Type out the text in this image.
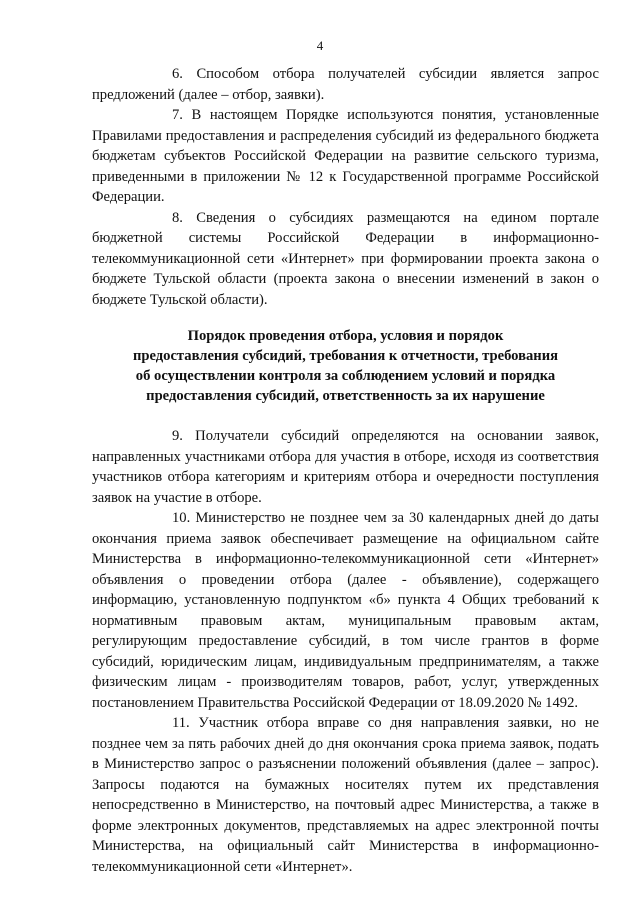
4

6. Способом отбора получателей субсидии является запрос предложений (далее – отбор, заявки).

7. В настоящем Порядке используются понятия, установленные Правилами предоставления и распределения субсидий из федерального бюджета бюджетам субъектов Российской Федерации на развитие сельского туризма, приведенными в приложении № 12 к Государственной программе Российской Федерации.

8. Сведения о субсидиях размещаются на едином портале бюджетной системы Российской Федерации в информационно-телекоммуникационной сети «Интернет» при формировании проекта закона о бюджете Тульской области (проекта закона о внесении изменений в закон о бюджете Тульской области).

Порядок проведения отбора, условия и порядок
предоставления субсидий, требования к отчетности, требования
об осуществлении контроля за соблюдением условий и порядка
предоставления субсидий, ответственность за их нарушение

9. Получатели субсидий определяются на основании заявок, направленных участниками отбора для участия в отборе, исходя из соответствия участников отбора категориям и критериям отбора и очередности поступления заявок на участие в отборе.

10. Министерство не позднее чем за 30 календарных дней до даты окончания приема заявок обеспечивает размещение на официальном сайте Министерства в информационно-телекоммуникационной сети «Интернет» объявления о проведении отбора (далее - объявление), содержащего информацию, установленную подпунктом «б» пункта 4 Общих требований к нормативным правовым актам, муниципальным правовым актам, регулирующим предоставление субсидий, в том числе грантов в форме субсидий, юридическим лицам, индивидуальным предпринимателям, а также физическим лицам - производителям товаров, работ, услуг, утвержденных постановлением Правительства Российской Федерации от 18.09.2020 № 1492.

11. Участник отбора вправе со дня направления заявки, но не позднее чем за пять рабочих дней до дня окончания срока приема заявок, подать в Министерство запрос о разъяснении положений объявления (далее – запрос). Запросы подаются на бумажных носителях путем их представления непосредственно в Министерство, на почтовый адрес Министерства, а также в форме электронных документов, представляемых на адрес электронной почты Министерства, на официальный сайт Министерства в информационно-телекоммуникационной сети «Интернет».
